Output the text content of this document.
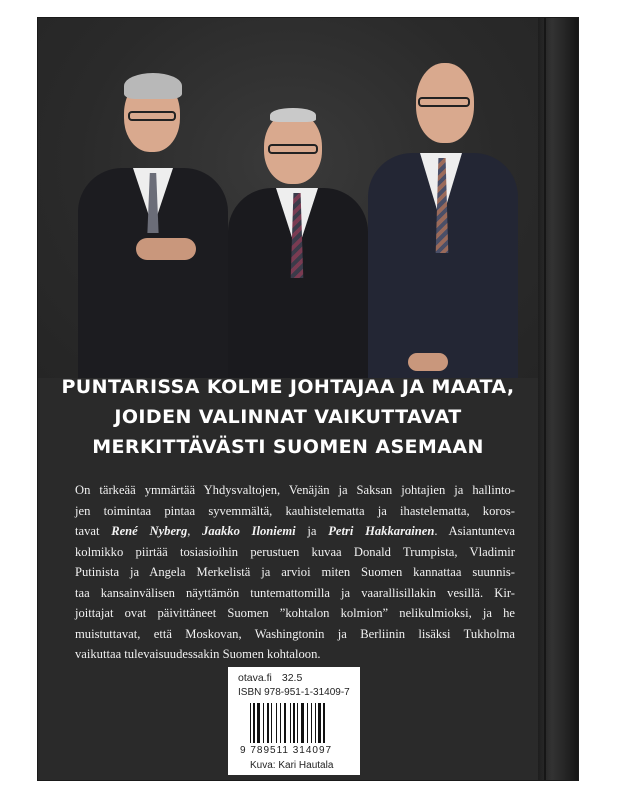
PUNTARISSA KOLME JOHTAJAA JA MAATA,
JOIDEN VALINNAT VAIKUTTAVAT
MERKITTÄVÄSTI SUOMEN ASEMAAN
On tärkeää ymmärtää Yhdysvaltojen, Venäjän ja Saksan johtajien ja hallinto-
jen toimintaa pintaa syvemmältä, kauhistelematta ja ihastelematta, koros-
tavat René Nyberg, Jaakko Iloniemi ja Petri Hakkarainen. Asiantunteva
kolmikko piirtää tosiasioihin perustuen kuvaa Donald Trumpista, Vladimir
Putinista ja Angela Merkelistä ja arvioi miten Suomen kannattaa suunnis-
taa kansainvälisen näyttämön tuntemattomilla ja vaarallisillakin vesillä. Kir-
joittajat ovat päivittäneet Suomen ”kohtalon kolmion” nelikulmioksi, ja he
muistuttavat, että Moskovan, Washingtonin ja Berliinin lisäksi Tukholma
vaikuttaa tulevaisuudessakin Suomen kohtaloon.
otava.fi 32.5
ISBN 978-951-1-31409-7
9 789511 314097
Kuva: Kari Hautala
